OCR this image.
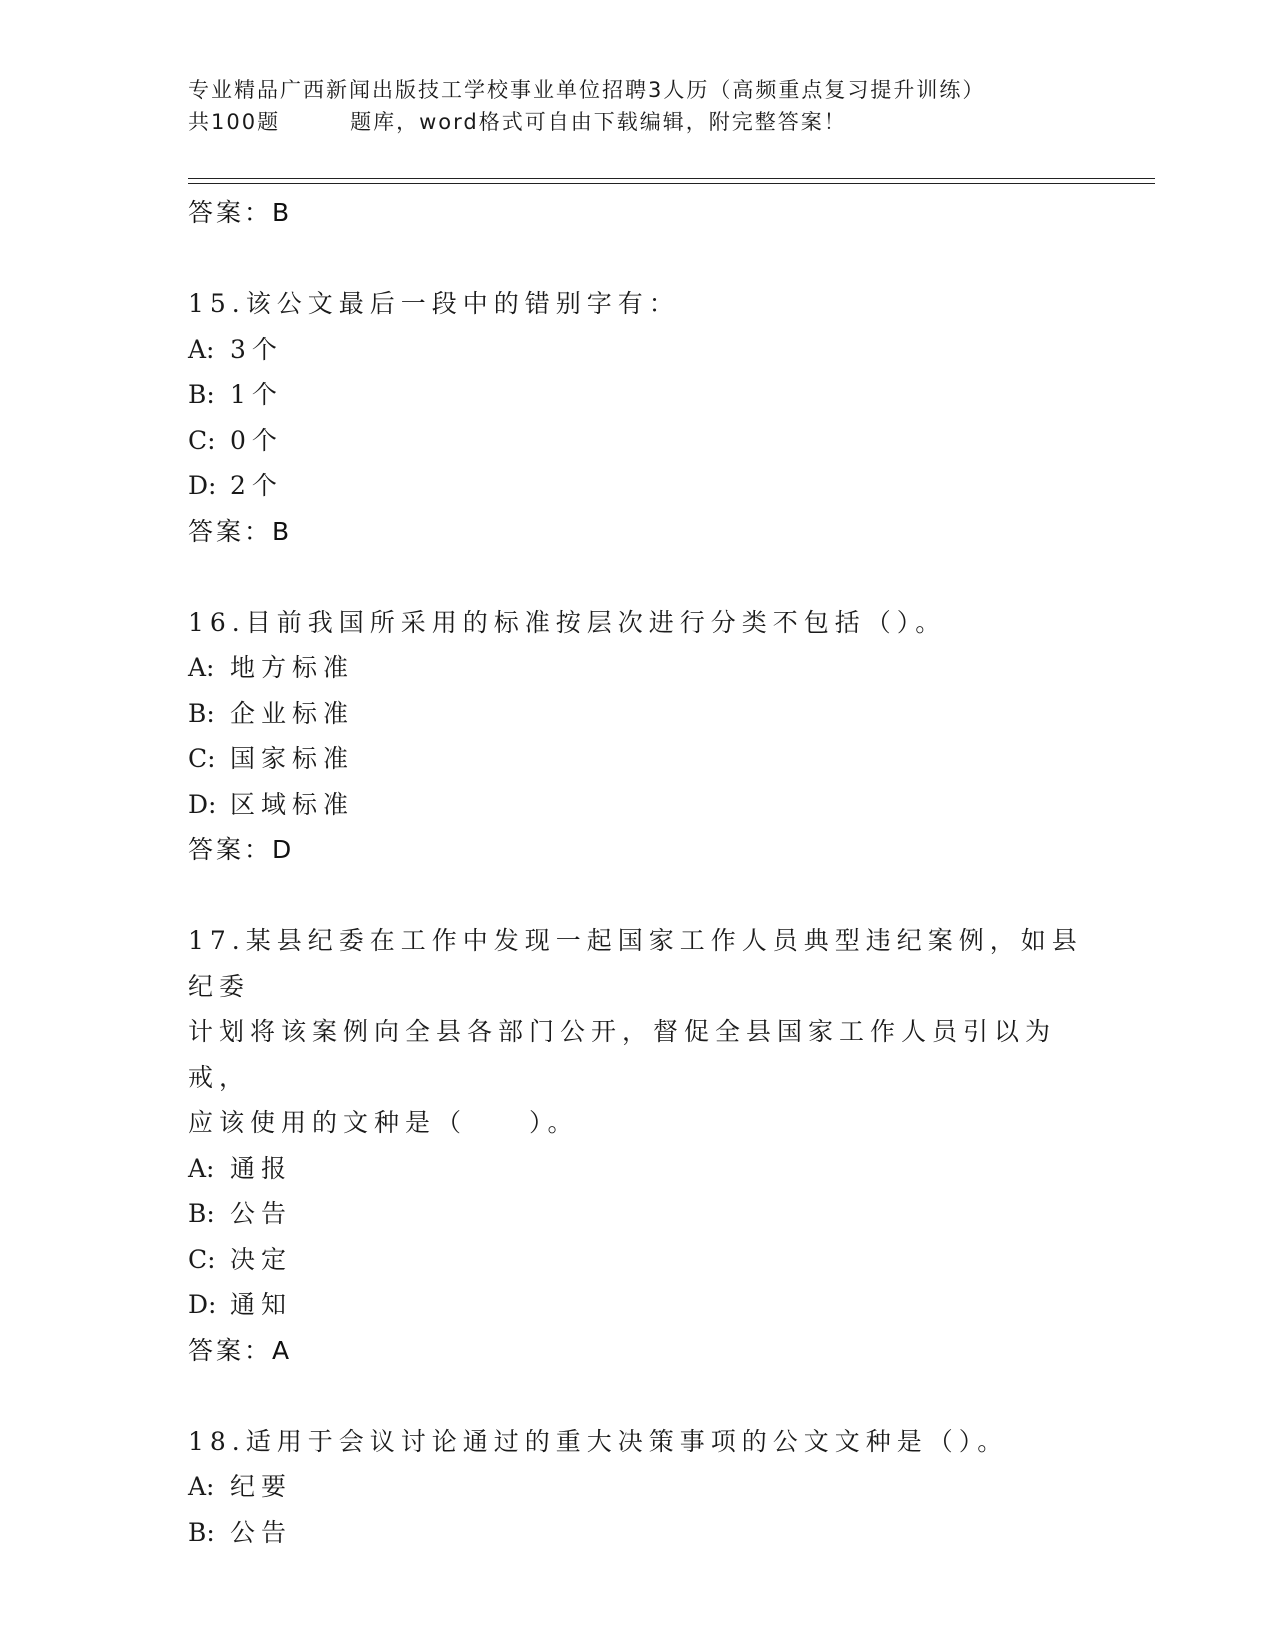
专业精品广西新闻出版技工学校事业单位招聘3人历（高频重点复习提升训练）
共100题	题库，word格式可自由下载编辑，附完整答案！
答案：B
15.该公文最后一段中的错别字有：
A: 3个
B: 1个
C: 0个
D: 2个
答案：B
16.目前我国所采用的标准按层次进行分类不包括（）。
A: 地方标准
B: 企业标准
C: 国家标准
D: 区域标准
答案：D
17.某县纪委在工作中发现一起国家工作人员典型违纪案例，如县纪委
计划将该案例向全县各部门公开，督促全县国家工作人员引以为戒，
应该使用的文种是（　　）。
A: 通报
B: 公告
C: 决定
D: 通知
答案：A
18.适用于会议讨论通过的重大决策事项的公文文种是（）。
A: 纪要
B: 公告
